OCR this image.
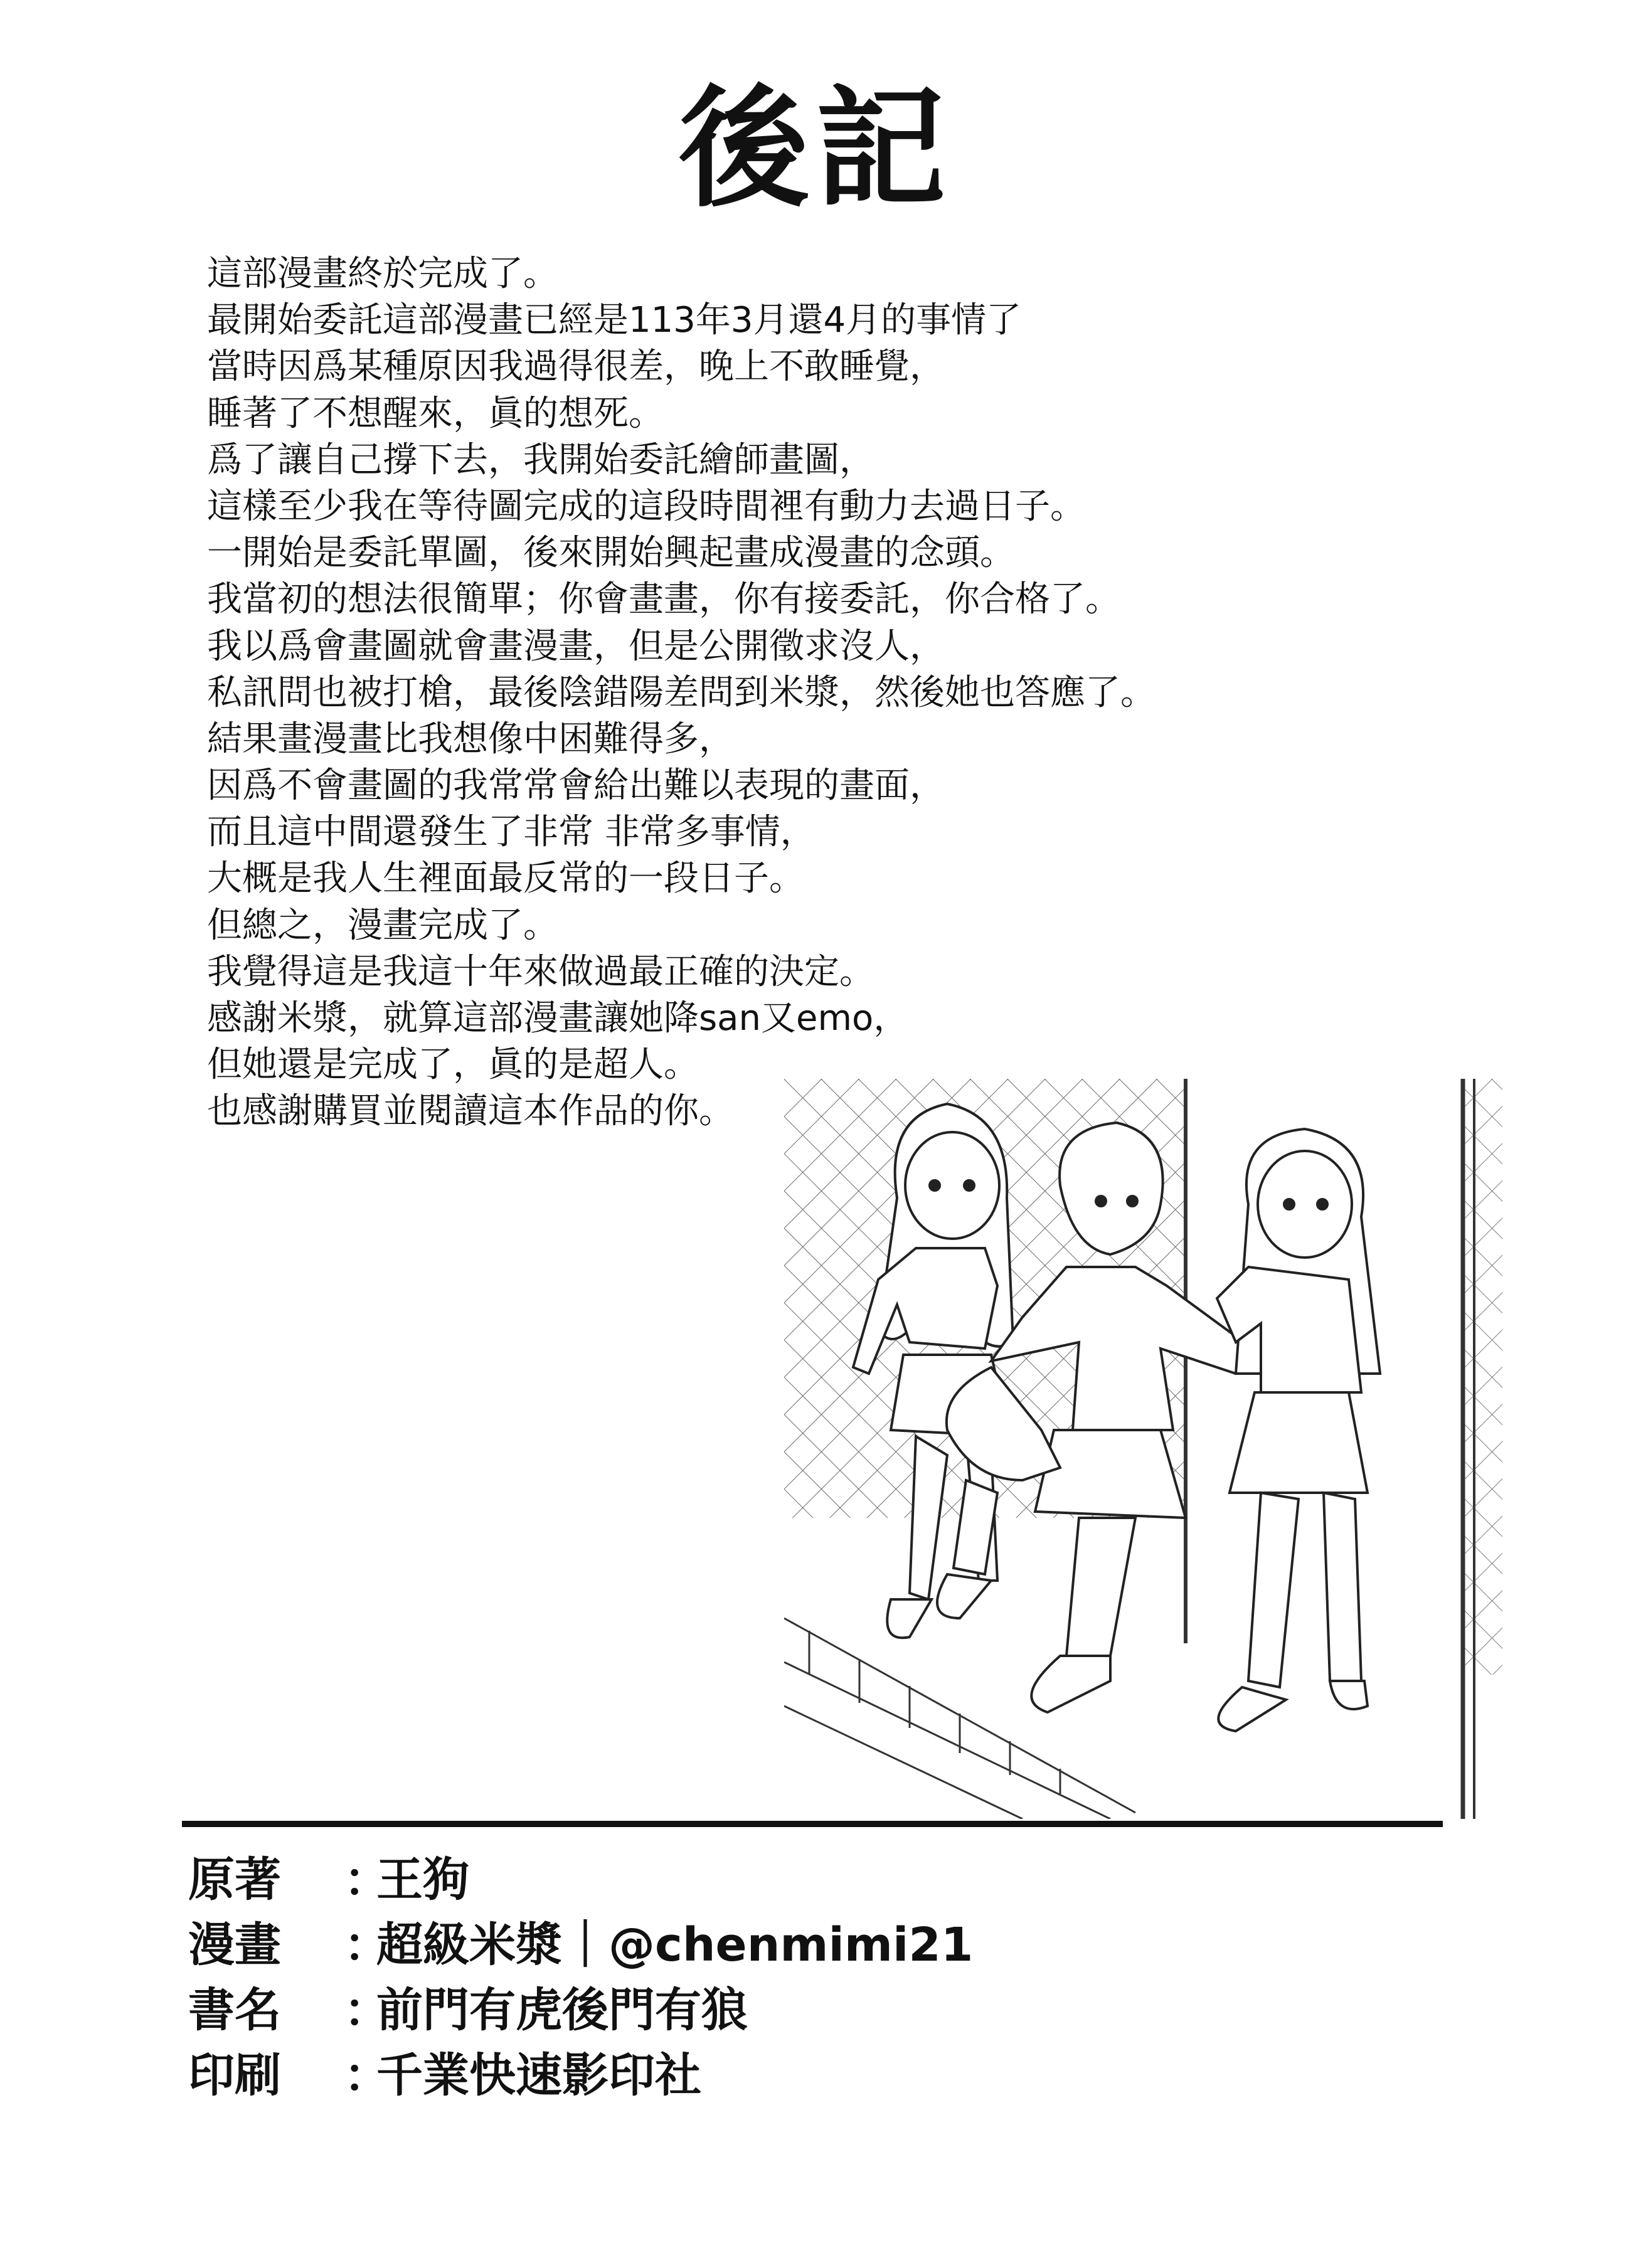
後記
這部漫畫終於完成了。
最開始委託這部漫畫已經是113年3月還4月的事情了
當時因爲某種原因我過得很差，晚上不敢睡覺，
睡著了不想醒來，眞的想死。
爲了讓自己撐下去，我開始委託繪師畫圖，
這樣至少我在等待圖完成的這段時間裡有動力去過日子。
一開始是委託單圖，後來開始興起畫成漫畫的念頭。
我當初的想法很簡單；你會畫畫，你有接委託，你合格了。
我以爲會畫圖就會畫漫畫，但是公開徵求沒人，
私訊問也被打槍，最後陰錯陽差問到米漿，然後她也答應了。
結果畫漫畫比我想像中困難得多，
因爲不會畫圖的我常常會給出難以表現的畫面，
而且這中間還發生了非常 非常多事情，
大概是我人生裡面最反常的一段日子。
但總之，漫畫完成了。
我覺得這是我這十年來做過最正確的決定。
感謝米漿，就算這部漫畫讓她降san又emo，
但她還是完成了，眞的是超人。
也感謝購買並閱讀這本作品的你。
原著 ：
王狗
漫畫 ：
超級米漿｜@chenmimi21
書名 ：
前門有虎後門有狼
印刷 ：
千業快速影印社
